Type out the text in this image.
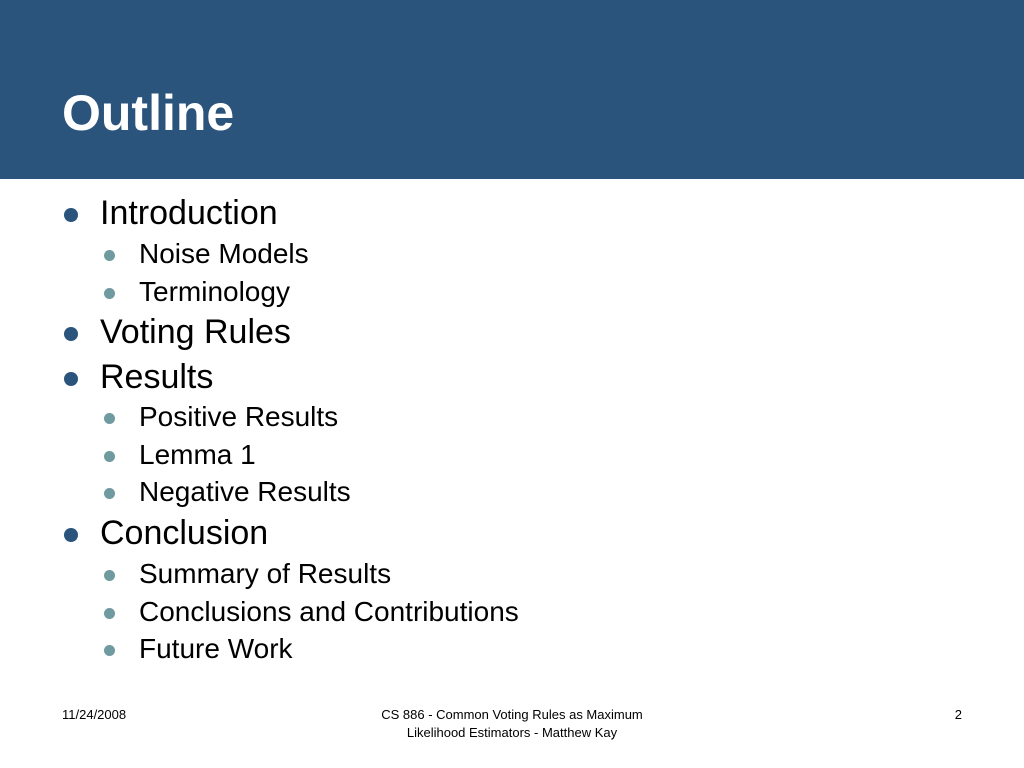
Outline
Introduction
Noise Models
Terminology
Voting Rules
Results
Positive Results
Lemma 1
Negative Results
Conclusion
Summary of Results
Conclusions and Contributions
Future Work
11/24/2008	CS 886 - Common Voting Rules as Maximum
Likelihood Estimators - Matthew Kay
2
